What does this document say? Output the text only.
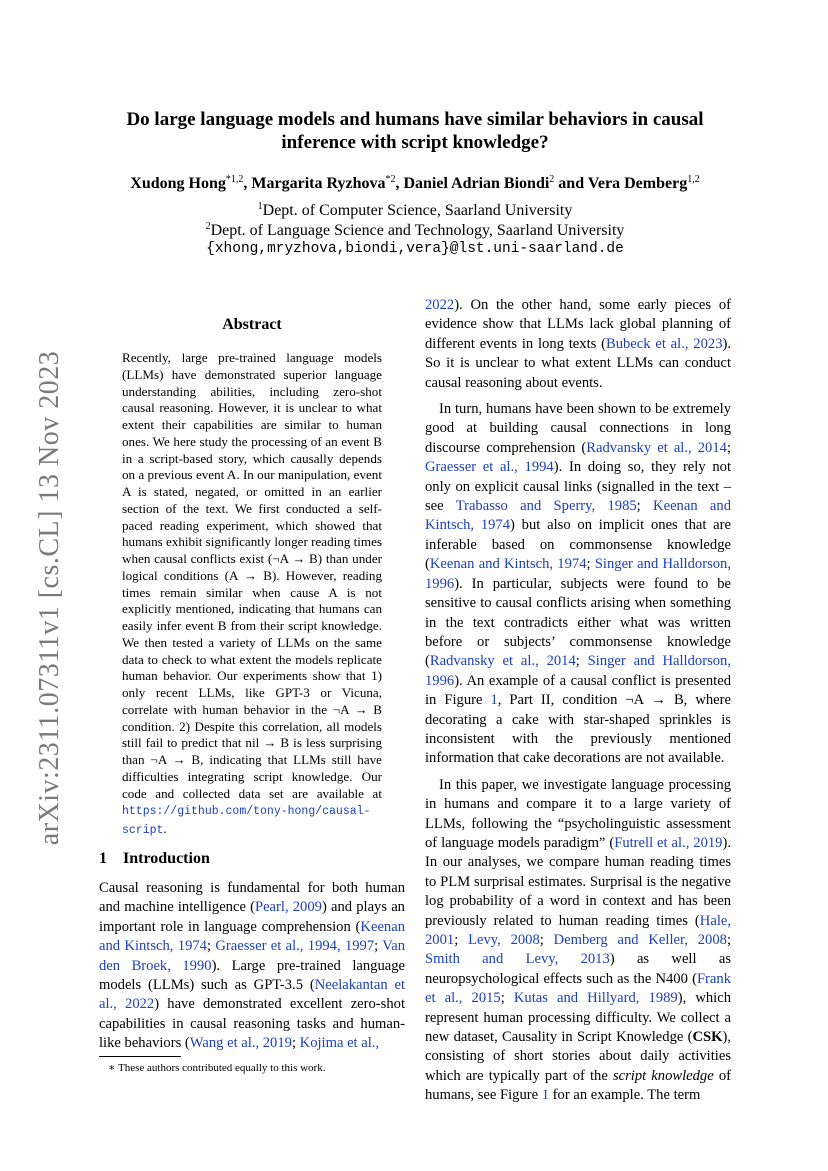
arXiv:2311.07311v1 [cs.CL] 13 Nov 2023
Do large language models and humans have similar behaviors in causal inference with script knowledge?
Xudong Hong$^{*1,2}$, Margarita Ryzhova$^{*2}$, Daniel Adrian Biondi$^2$ and Vera Demberg$^{1,2}$
$^1$Dept. of Computer Science, Saarland University
$^2$Dept. of Language Science and Technology, Saarland University
{xhong,mryzhova,biondi,vera}@lst.uni-saarland.de
Abstract

Recently, large pre-trained language models (LLMs) have demonstrated superior language understanding abilities, including zero-shot causal reasoning. However, it is unclear to what extent their capabilities are similar to human ones. We here study the processing of an event B in a script-based story, which causally depends on a previous event A. In our manipulation, event A is stated, negated, or omitted in an earlier section of the text. We first conducted a self-paced reading experiment, which showed that humans exhibit significantly longer reading times when causal conflicts exist (¬A → B) than under logical conditions (A → B). However, reading times remain similar when cause A is not explicitly mentioned, indicating that humans can easily infer event B from their script knowledge. We then tested a variety of LLMs on the same data to check to what extent the models replicate human behavior. Our experiments show that 1) only recent LLMs, like GPT-3 or Vicuna, correlate with human behavior in the ¬A → B condition. 2) Despite this correlation, all models still fail to predict that nil → B is less surprising than ¬A → B, indicating that LLMs still have difficulties integrating script knowledge. Our code and collected data set are available at https://github.com/tony-hong/causal-script.

1 Introduction

Causal reasoning is fundamental for both human and machine intelligence (Pearl, 2009) and plays an important role in language comprehension (Keenan and Kintsch, 1974; Graesser et al., 1994, 1997; Van den Broek, 1990). Large pre-trained language models (LLMs) such as GPT-3.5 (Neelakantan et al., 2022) have demonstrated excellent zero-shot capabilities in causal reasoning tasks and human-like behaviors (Wang et al., 2019; Kojima et al.,

∗ These authors contributed equally to this work.

2022). On the other hand, some early pieces of evidence show that LLMs lack global planning of different events in long texts (Bubeck et al., 2023). So it is unclear to what extent LLMs can conduct causal reasoning about events.

In turn, humans have been shown to be extremely good at building causal connections in long discourse comprehension (Radvansky et al., 2014; Graesser et al., 1994). In doing so, they rely not only on explicit causal links (signalled in the text – see Trabasso and Sperry, 1985; Keenan and Kintsch, 1974) but also on implicit ones that are inferable based on commonsense knowledge (Keenan and Kintsch, 1974; Singer and Halldorson, 1996). In particular, subjects were found to be sensitive to causal conflicts arising when something in the text contradicts either what was written before or subjects’ commonsense knowledge (Radvansky et al., 2014; Singer and Halldorson, 1996). An example of a causal conflict is presented in Figure 1, Part II, condition ¬A → B, where decorating a cake with star-shaped sprinkles is inconsistent with the previously mentioned information that cake decorations are not available.

In this paper, we investigate language processing in humans and compare it to a large variety of LLMs, following the “psycholinguistic assessment of language models paradigm” (Futrell et al., 2019). In our analyses, we compare human reading times to PLM surprisal estimates. Surprisal is the negative log probability of a word in context and has been previously related to human reading times (Hale, 2001; Levy, 2008; Demberg and Keller, 2008; Smith and Levy, 2013) as well as neuropsychological effects such as the N400 (Frank et al., 2015; Kutas and Hillyard, 1989), which represent human processing difficulty. We collect a new dataset, Causality in Script Knowledge (CSK), consisting of short stories about daily activities which are typically part of the script knowledge of humans, see Figure 1 for an example. The term
